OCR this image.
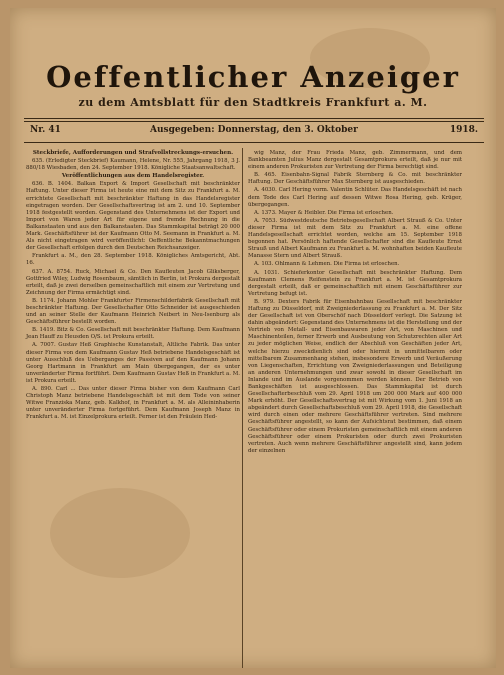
Oeffentlicher Anzeiger
zu dem Amtsblatt für den Stadtkreis Frankfurt a. M.
Nr. 41	Ausgegeben: Donnerstag, den 3. Oktober	1918.
Steckbriefe, Aufforderungen und Strafvollstreckungs-ersuchen.

635. (Erledigter Steckbrief) Kaumann, Helene, Nr. 555, Jahrgang 1918, 3 J. 880/18 Wiesbaden, den 24. September 1918. Königliche Staatsanwaltschaft.

Veröffentlichungen aus dem Handelsregister.

636. B. 1404. Balkan Export & Import Gesellschaft mit beschränkter Haftung. Unter dieser Firma ist heute eine mit dem Sitz zu Frankfurt a. M. errichtete Gesellschaft mit beschränkter Haftung in das Handelsregister eingetragen worden. Der Gesellschaftsvertrag ist am 2. und 10. September 1918 festgestellt worden. Gegenstand des Unternehmens ist der Export und Import von Waren jeder Art für eigene und fremde Rechnung in die Balkanstaaten und aus den Balkanstaaten. Das Stammkapital beträgt 20 000 Mark. Geschäftsführer ist der Kaufmann Otto M. Seemann in Frankfurt a. M. Als nicht eingetragen wird veröffentlicht: Oeffentliche Bekanntmachungen der Gesellschaft erfolgen durch den Deutschen Reichsanzeiger.

Frankfurt a. M., den 28. September 1918. Königliches Amtsgericht, Abt. 16.

637. A. 8754. Ruck, Michael & Co. Den Kaufleuten Jacob Gliksberger, Gottfried Wiley, Ludwig Rosenbaum, sämtlich in Berlin, ist Prokura dergestalt erteilt, daß je zwei derselben gemeinschaftlich mit einem zur Vertretung und Zeichnung der Firma ermächtigt sind.

B. 1174. Johann Mohler Frankfurter Firmenschilderfabrik Gesellschaft mit beschränkter Haftung. Der Gesellschafter Otto Schneider ist ausgeschieden und an seiner Stelle der Kaufmann Heinrich Neibert in Neu-Isenburg als Geschäftsführer bestellt worden.

B. 1419. Bitz & Co. Gesellschaft mit beschränkter Haftung. Dem Kaufmann Jean Hauff zu Heusden O/S. ist Prokura erteilt.

A. 7007. Gustav Heß Graphische Kunstanstalt, Altliche Fabrik. Das unter dieser Firma von dem Kaufmann Gustav Heß betriebene Handelsgeschäft ist unter Ausschluß des Ueberganges der Passiven auf den Kaufmann Johann Georg Hartmann in Frankfurt am Main übergegangen, der es unter unveränderter Firma fortführt. Dem Kaufmann Gustav Heß in Frankfurt a. M. ist Prokura erteilt.

A. 890. Carl ... Das unter dieser Firma bisher von dem Kaufmann Carl Christoph Manz betriebene Handelsgeschäft ist mit dem Tode von seiner Witwe Franziska Manz, geb. Kalkhof, in Frankfurt a. M. als Alleininhaberin unter unveränderter Firma fortgeführt. Dem Kaufmann Joseph Manz in Frankfurt a. M. ist Einzelprokura erteilt. Ferner ist den Fräulein Hed-

wig Manz, der Frau Frieda Manz, geb. Zimmermann, und dem Bankbeamten Julius Manz dergestalt Gesamtprokura erteilt, daß je nur mit einem anderen Prokuristen zur Vertretung der Firma berechtigt sind.

B. 465. Eisenbahn-Signal Fabrik Sternberg & Co. mit beschränkter Haftung. Der Geschäftsführer Max Sternberg ist ausgeschieden.

A. 4030. Carl Hering vorm. Valentin Schlüter. Das Handelsgeschäft ist nach dem Tode des Carl Hering auf dessen Witwe Rosa Hering, geb. Krüger, übergegangen.

A. 1373. Mayer & Heibler. Die Firma ist erloschen.

A. 7053. Südwestdeutsche Betriebsgesellschaft Albert Strauß & Co. Unter dieser Firma ist mit dem Sitz zu Frankfurt a. M. eine offene Handelsgesellschaft errichtet worden, welche am 15. September 1918 begonnen hat. Persönlich haftende Gesellschafter sind die Kaufleute Ernst Strauß und Albert Kaufmann zu Frankfurt a. M. wohnhaften beiden Kaufleute Manasse Stern und Albert Strauß.

A. 103. Ohlmann & Lehmen. Die Firma ist erloschen.

A. 1031. Schieferkontor Gesellschaft mit beschränkter Haftung. Dem Kaufmann Clemens Reifenstein zu Frankfurt a. M. ist Gesamtprokura dergestalt erteilt, daß er gemeinschaftlich mit einem Geschäftsführer zur Vertretung befugt ist.

B. 979. Dexters Fabrik für Eisenbahnbau Gesellschaft mit beschränkter Haftung zu Düsseldorf, mit Zweigniederlassung zu Frankfurt a. M. Der Sitz der Gesellschaft ist von Oberschöf nach Düsseldorf verlegt. Die Satzung ist dahin abgeändert: Gegenstand des Unternehmens ist die Herstellung und der Vertrieb von Metall- und Eisenbauwaren jeder Art, von Maschinen und Maschinenteilen, ferner Erwerb und Ausbeutung von Schutzrechten aller Art zu jeder möglichen Weise, endlich der Abschluß von Geschäften jeder Art, welche hierzu zweckdienlich sind oder hiermit in unmittelbarem oder mittelbarem Zusammenhang stehen, insbesondere Erwerb und Veräußerung von Liegenschaften, Errichtung von Zweigniederlassungen und Beteiligung an anderen Unternehmungen und zwar sowohl in dieser Gesellschaft im Inlande und im Auslande vorgenommen werden können. Der Betrieb von Bankgeschäften ist ausgeschlossen. Das Stammkapital ist durch Gesellschafterbeschluß vom 29. April 1918 um 200 000 Mark auf 400 000 Mark erhöht. Der Gesellschaftsvertrag ist mit Wirkung vom 1. Juni 1918 an abgeändert durch Gesellschaftsbeschluß vom 29. April 1918, die Gesellschaft wird durch einen oder mehrere Geschäftsführer vertreten. Sind mehrere Geschäftsführer angestellt, so kann der Aufsichtsrat bestimmen, daß einem Geschäftsführer oder einem Prokuristen gemeinschaftlich mit einem anderen Geschäftsführer oder einem Prokuristen oder durch zwei Prokuristen vertreten. Auch wenn mehrere Geschäftsführer angestellt sind, kann jedem der einzelnen
